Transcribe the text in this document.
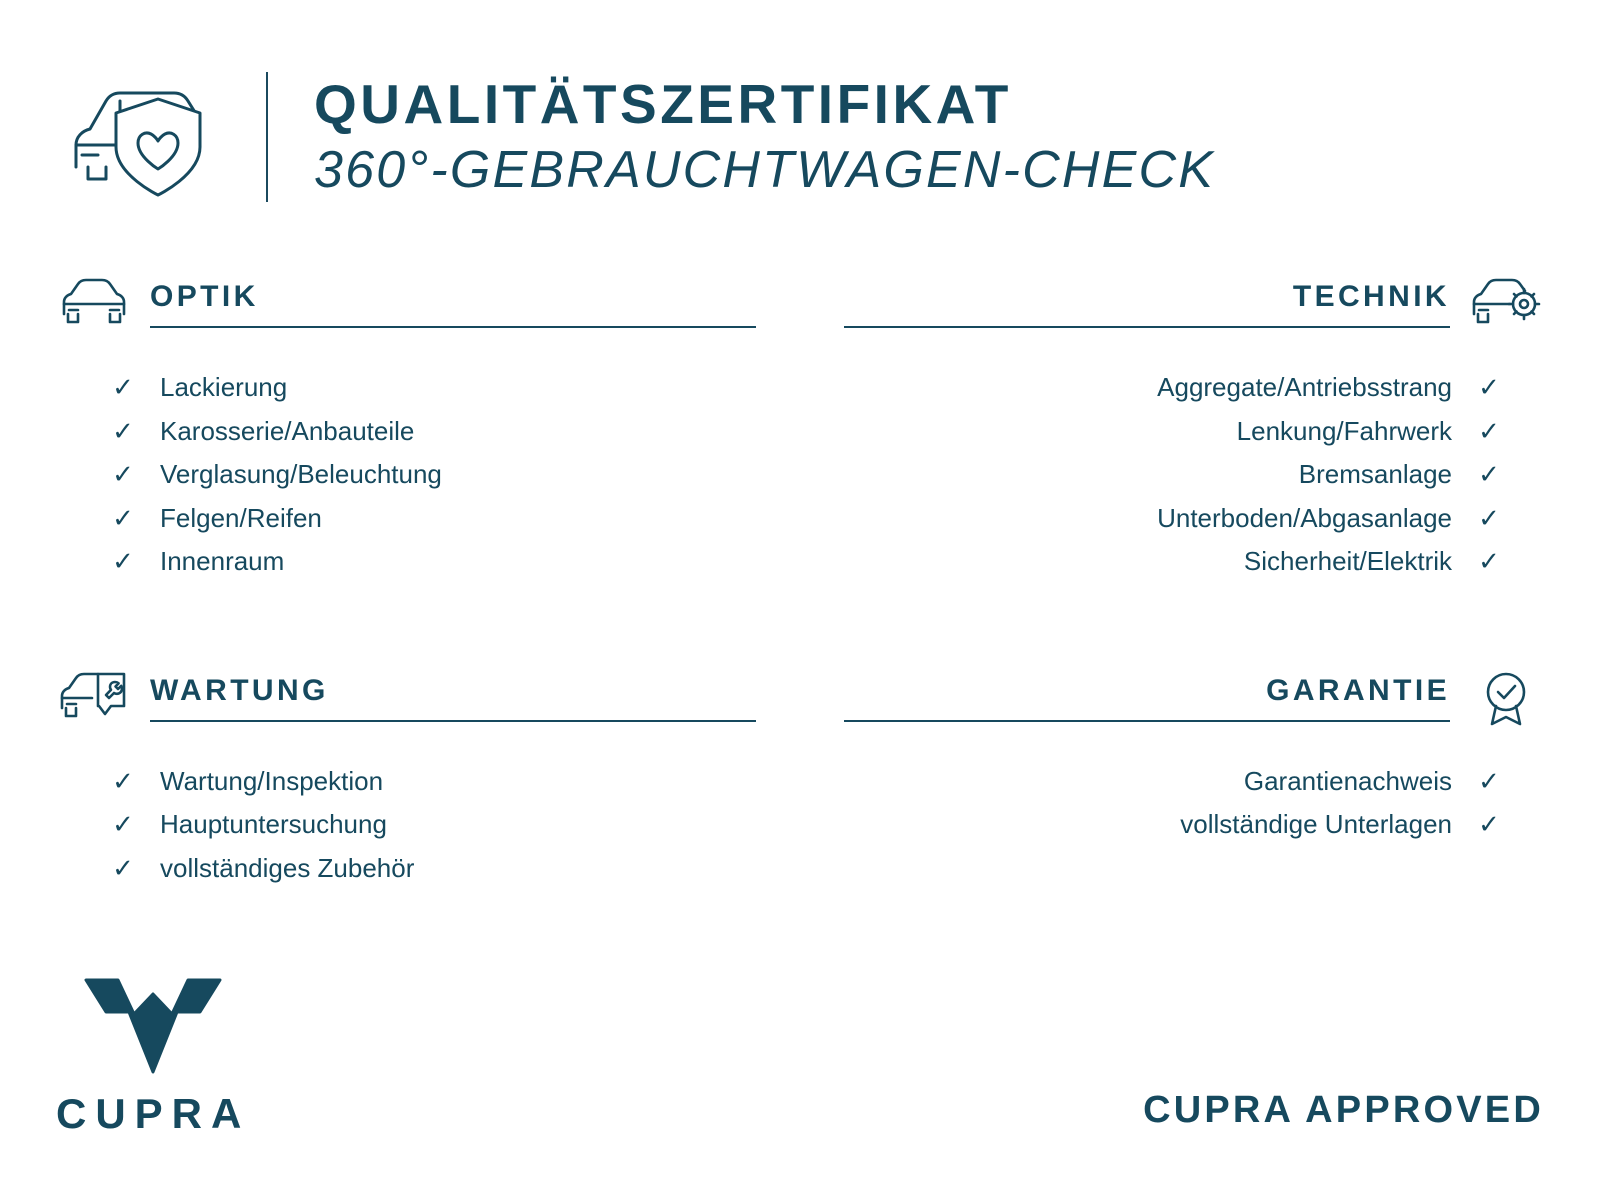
QUALITÄTSZERTIFIKAT
360°-GEBRAUCHTWAGEN-CHECK
OPTIK
✓ Lackierung
✓ Karosserie/Anbauteile
✓ Verglasung/Beleuchtung
✓ Felgen/Reifen
✓ Innenraum
TECHNIK
Aggregate/Antriebsstrang ✓
Lenkung/Fahrwerk ✓
Bremsanlage ✓
Unterboden/Abgasanlage ✓
Sicherheit/Elektrik ✓
WARTUNG
✓ Wartung/Inspektion
✓ Hauptuntersuchung
✓ vollständiges Zubehör
GARANTIE
Garantienachweis ✓
vollständige Unterlagen ✓
CUPRA	CUPRA APPROVED
